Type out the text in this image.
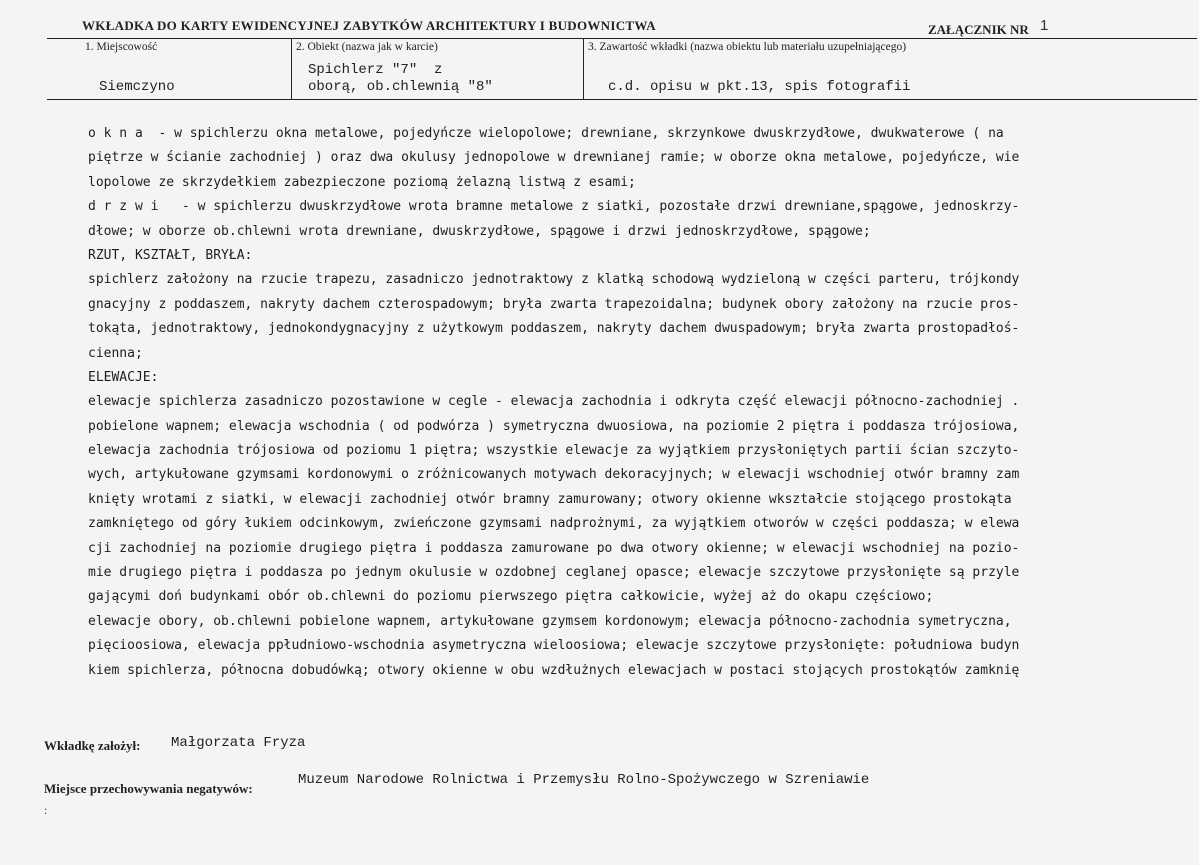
WKŁADKA DO KARTY EWIDENCYJNEJ ZABYTKÓW ARCHITEKTURY I BUDOWNICTWA	ZAŁĄCZNIK NR 1
1. Miejscowość
Siemczyno
2. Obiekt (nazwa jak w karcie)
Spichlerz "7"  z
oborą, ob.chlewnią "8"
3. Zawartość wkładki (nazwa obiektu lub materiału uzupełniającego)
c.d. opisu w pkt.13, spis fotografii
o k n a  - w spichlerzu okna metalowe, pojedyńcze wielopolowe; drewniane, skrzynkowe dwuskrzydłowe, dwukwaterowe ( na
piętrze w ścianie zachodniej ) oraz dwa okulusy jednopolowe w drewnianej ramie; w oborze okna metalowe, pojedyńcze, wie
lopolowe ze skrzydełkiem zabezpieczone poziomą żelazną listwą z esami;
d r z w i   - w spichlerzu dwuskrzydłowe wrota bramne metalowe z siatki, pozostałe drzwi drewniane,spągowe, jednoskrzy-
dłowe; w oborze ob.chlewni wrota drewniane, dwuskrzydłowe, spągowe i drzwi jednoskrzydłowe, spągowe;
RZUT, KSZTAŁT, BRYŁA:
spichlerz założony na rzucie trapezu, zasadniczo jednotraktowy z klatką schodową wydzieloną w części parteru, trójkondy
gnacyjny z poddaszem, nakryty dachem czterospadowym; bryła zwarta trapezoidalna; budynek obory założony na rzucie pros-
tokąta, jednotraktowy, jednokondygnacyjny z użytkowym poddaszem, nakryty dachem dwuspadowym; bryła zwarta prostopadłoś-
cienna;
ELEWACJE:
elewacje spichlerza zasadniczo pozostawione w cegle - elewacja zachodnia i odkryta część elewacji północno-zachodniej .
pobielone wapnem; elewacja wschodnia ( od podwórza ) symetryczna dwuosiowa, na poziomie 2 piętra i poddasza trójosiowa,
elewacja zachodnia trójosiowa od poziomu 1 piętra; wszystkie elewacje za wyjątkiem przysłoniętych partii ścian szczyto-
wych, artykułowane gzymsami kordonowymi o zróżnicowanych motywach dekoracyjnych; w elewacji wschodniej otwór bramny zam
knięty wrotami z siatki, w elewacji zachodniej otwór bramny zamurowany; otwory okienne wkształcie stojącego prostokąta
zamkniętego od góry łukiem odcinkowym, zwieńczone gzymsami nadprożnymi, za wyjątkiem otworów w części poddasza; w elewa
cji zachodniej na poziomie drugiego piętra i poddasza zamurowane po dwa otwory okienne; w elewacji wschodniej na pozio-
mie drugiego piętra i poddasza po jednym okulusie w ozdobnej ceglanej opasce; elewacje szczytowe przysłonięte są przyle
gającymi doń budynkami obór ob.chlewni do poziomu pierwszego piętra całkowicie, wyżej aż do okapu częściowo;
elewacje obory, ob.chlewni pobielone wapnem, artykułowane gzymsem kordonowym; elewacja północno-zachodnia symetryczna,
pięcioosiowa, elewacja ppłudniowo-wschodnia asymetryczna wieloosiowa; elewacje szczytowe przysłonięte: południowa budyn
kiem spichlerza, północna dobudówką; otwory okienne w obu wzdłużnych elewacjach w postaci stojących prostokątów zamknię
Wkładkę założył: Małgorzata Fryza
Miejsce przechowywania negatywów:
Muzeum Narodowe Rolnictwa i Przemysłu Rolno-Spożywczego w Szreniawie
:
